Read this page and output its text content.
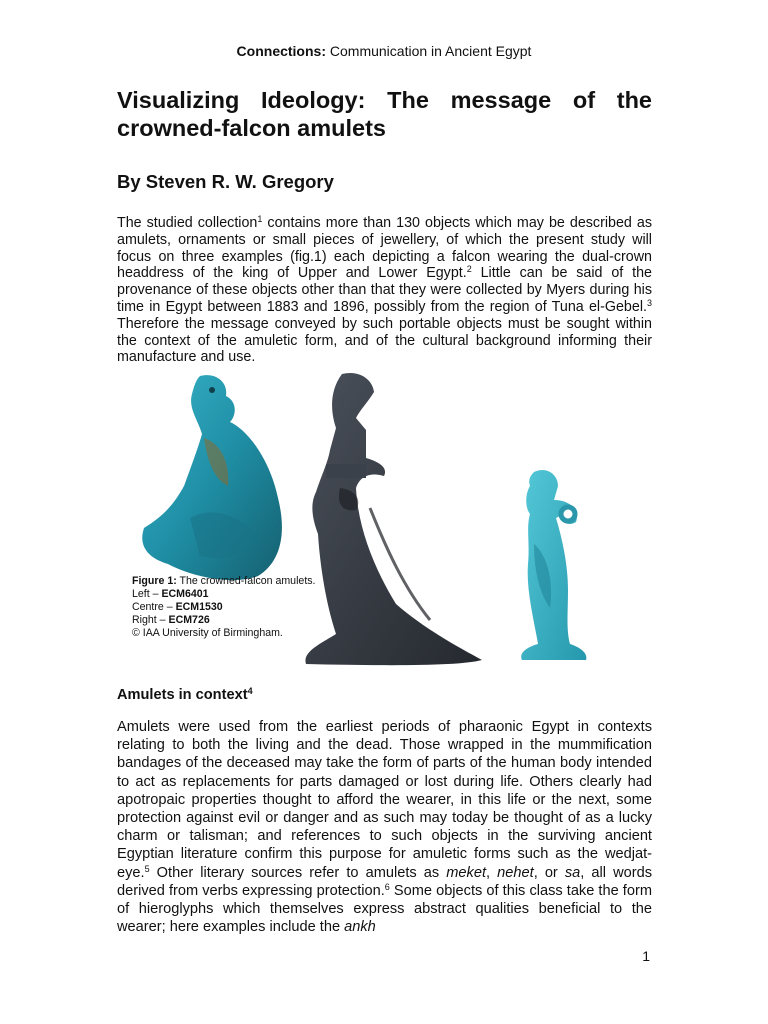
Connections: Communication in Ancient Egypt
Visualizing Ideology: The message of the crowned-falcon amulets
By Steven R. W. Gregory

The studied collection$^1$ contains more than 130 objects which may be described as amulets, ornaments or small pieces of jewellery, of which the present study will focus on three examples (fig.1) each depicting a falcon wearing the dual-crown headdress of the king of Upper and Lower Egypt.$^2$ Little can be said of the provenance of these objects other than that they were collected by Myers during his time in Egypt between 1883 and 1896, possibly from the region of Tuna el-Gebel.$^3$ Therefore the message conveyed by such portable objects must be sought within the context of the amuletic form, and of the cultural background informing their manufacture and use.

Figure 1: The crowned-falcon amulets.
Left – ECM6401
Centre – ECM1530
Right – ECM726
© IAA University of Birmingham.
Amulets in context$^4$

Amulets were used from the earliest periods of pharaonic Egypt in contexts relating to both the living and the dead. Those wrapped in the mummification bandages of the deceased may take the form of parts of the human body intended to act as replacements for parts damaged or lost during life. Others clearly had apotropaic properties thought to afford the wearer, in this life or the next, some protection against evil or danger and as such may today be thought of as a lucky charm or talisman; and references to such objects in the surviving ancient Egyptian literature confirm this purpose for amuletic forms such as the wedjat-eye.$^5$ Other literary sources refer to amulets as meket, nehet, or sa, all words derived from verbs expressing protection.$^6$ Some objects of this class take the form of hieroglyphs which themselves express abstract qualities beneficial to the wearer; here examples include the ankh

1
